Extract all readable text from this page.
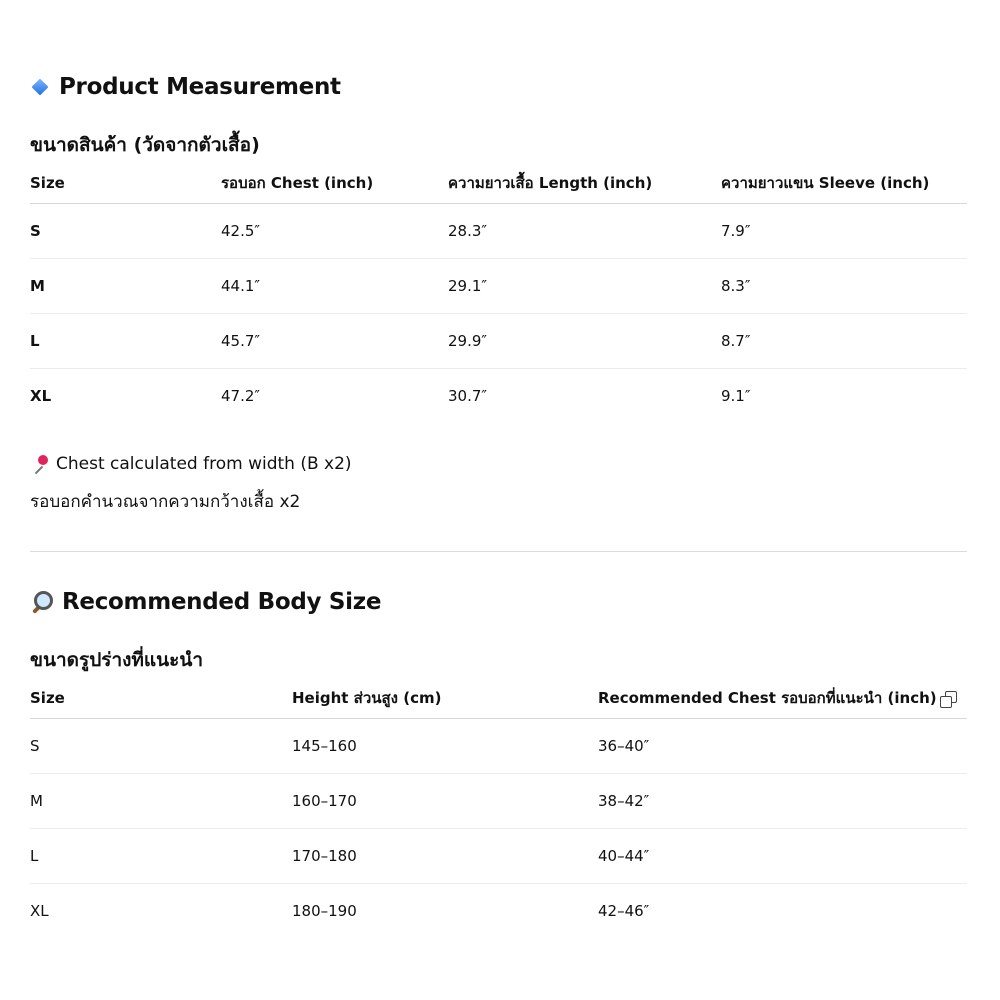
Product Measurement
ขนาดสินค้า (วัดจากตัวเสื้อ)
Size	รอบอก Chest (inch)	ความยาวเสื้อ Length (inch)	ความยาวแขน Sleeve (inch)
S	42.5″	28.3″	7.9″
M	44.1″	29.1″	8.3″
L	45.7″	29.9″	8.7″
XL	47.2″	30.7″	9.1″
Chest calculated from width (B x2)
รอบอกคำนวณจากความกว้างเสื้อ x2
Recommended Body Size
ขนาดรูปร่างที่แนะนำ
Size	Height ส่วนสูง (cm)	Recommended Chest รอบอกที่แนะนำ (inch)

S	145–160	36–40″
M	160–170	38–42″
L	170–180	40–44″
XL	180–190	42–46″
